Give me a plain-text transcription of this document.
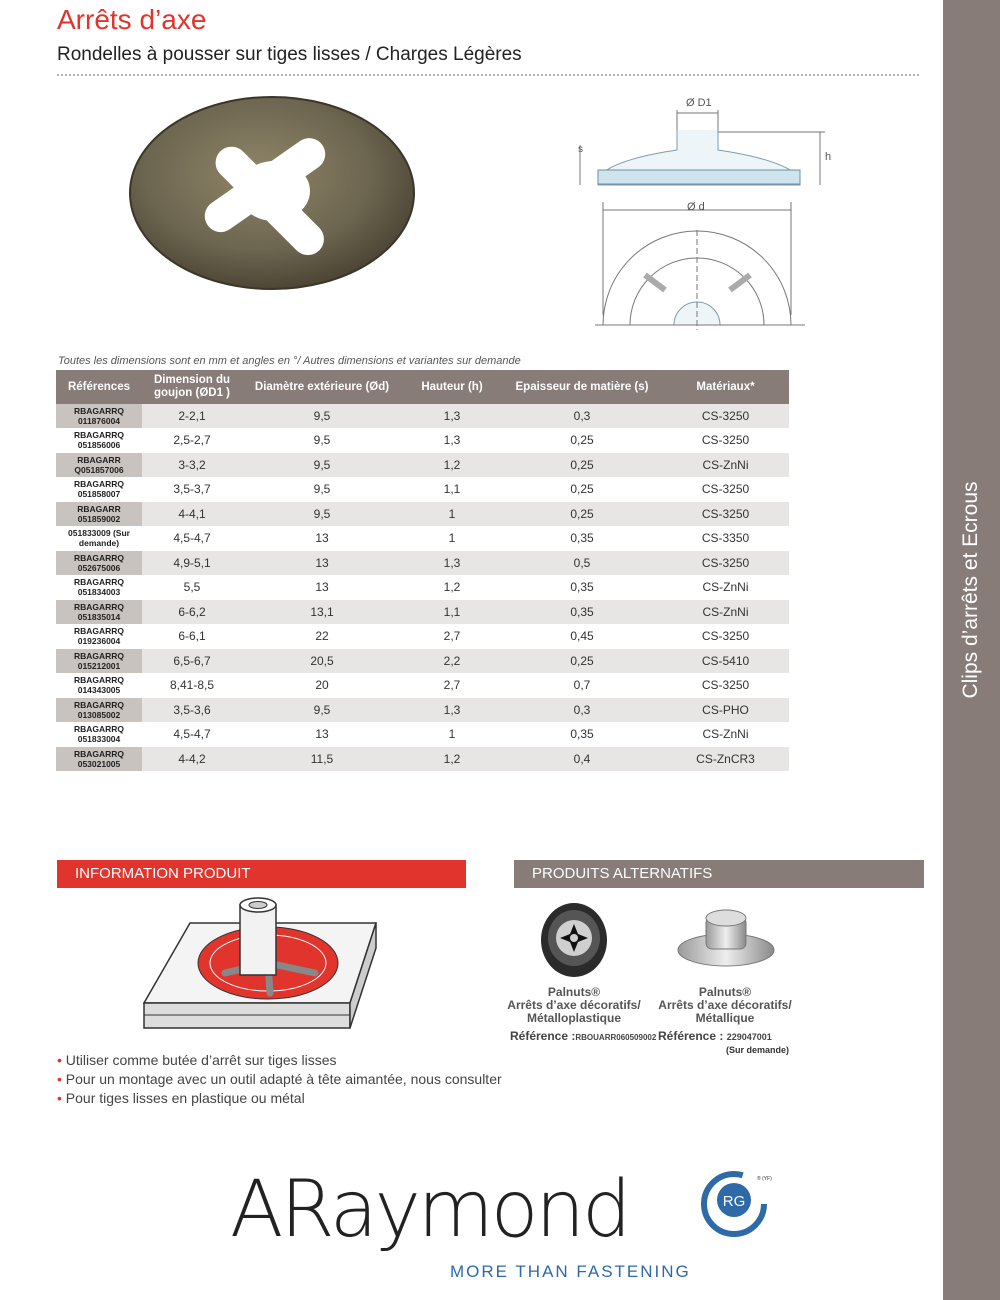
Clips d’arrêts et Ecrous
Arrêts d’axe
Rondelles à pousser sur tiges lisses / Charges Légères
Ø D1
s
h
Ø d
Toutes les dimensions sont en mm et angles en °/ Autres dimensions et variantes sur demande
Références	Dimension du goujon (ØD1 )	Diamètre extérieure (Ød)	Hauteur (h)	Epaisseur de matière (s)	Matériaux*
RBAGARRQ 011876004	2-2,1	9,5	1,3	0,3	CS-3250
RBAGARRQ 051856006	2,5-2,7	9,5	1,3	0,25	CS-3250
RBAGARR Q051857006	3-3,2	9,5	1,2	0,25	CS-ZnNi
RBAGARRQ 051858007	3,5-3,7	9,5	1,1	0,25	CS-3250
RBAGARR 051859002	4-4,1	9,5	1	0,25	CS-3250
051833009 (Sur demande)	4,5-4,7	13	1	0,35	CS-3350
RBAGARRQ 052675006	4,9-5,1	13	1,3	0,5	CS-3250
RBAGARRQ 051834003	5,5	13	1,2	0,35	CS-ZnNi
RBAGARRQ 051835014	6-6,2	13,1	1,1	0,35	CS-ZnNi
RBAGARRQ 019236004	6-6,1	22	2,7	0,45	CS-3250
RBAGARRQ 015212001	6,5-6,7	20,5	2,2	0,25	CS-5410
RBAGARRQ 014343005	8,41-8,5	20	2,7	0,7	CS-3250
RBAGARRQ 013085002	3,5-3,6	9,5	1,3	0,3	CS-PHO
RBAGARRQ 051833004	4,5-4,7	13	1	0,35	CS-ZnNi
RBAGARRQ 053021005	4-4,2	11,5	1,2	0,4	CS-ZnCR3
INFORMATION PRODUIT	PRODUITS ALTERNATIFS
• Utiliser comme butée d’arrêt sur tiges lisses
• Pour un montage avec un outil adapté à tête aimantée, nous consulter
• Pour tiges lisses en plastique ou métal
Palnuts®
Arrêts d’axe décoratifs/
Métalloplastique
Palnuts®
Arrêts d’axe décoratifs/
Métallique
Référence :RBOUARR060509002 Référence : 229047001
(Sur demande)
ARaymond	RG
® (YF)
MORE THAN FASTENING
